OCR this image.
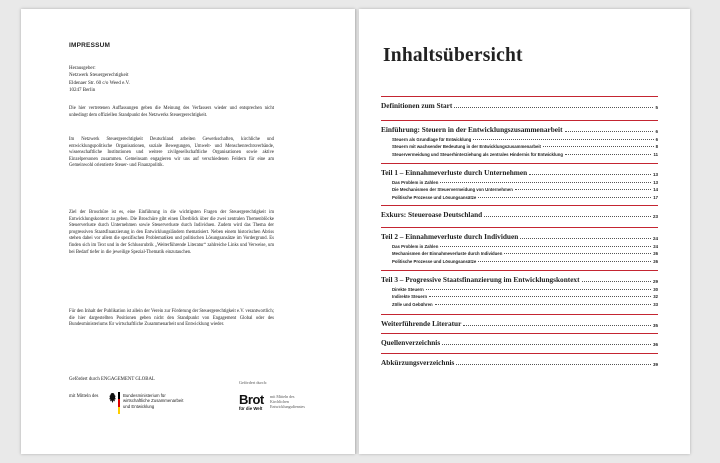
IMPRESSUM
Herausgeber:
Netzwerk Steuergerechtigkeit
Eldenaer Str. 60 c/o Weed e.V.
10247 Berlin
Die hier vertretenen Auffassungen geben die Meinung des Verfassers wieder und entsprechen nicht unbedingt dem offiziellen Standpunkt des Netzwerks Steuergerechtigkeit.
Im Netzwerk Steuergerechtigkeit Deutschland arbeiten Gewerkschaften, kirchliche und entwicklungspolitische Organisationen, soziale Bewegungen, Umwelt- und Menschenrechtsverbände, wissenschaftliche Institutionen und weitere zivilgesellschaftliche Organisationen sowie aktive Einzelpersonen zusammen. Gemeinsam engagieren wir uns auf verschiedenen Feldern für eine am Gemeinwohl orientierte Steuer- und Finanzpolitik.
Ziel der Broschüre ist es, eine Einführung in die wichtigsten Fragen der Steuergerechtigkeit im Entwicklungskontext zu geben. Die Broschüre gibt einen Überblick über die zwei zentralen Themenblöcke Steuerverluste durch Unternehmen sowie Steuerverluste durch Individuen. Zudem wird das Thema der progressiven Staatsfinanzierung in den Entwicklungsländern thematisiert. Neben einem historischen Abriss stehen dabei vor allem die spezifischen Problematiken und politischen Lösungsansätze im Vordergrund. Es finden sich im Text und in der Schlussrubrik „Weiterführende Literatur“ zahlreiche Links und Verweise, um bei Bedarf tiefer in die jeweilige Spezial-Thematik einzutauchen.
Für den Inhalt der Publikation ist allein der Verein zur Förderung der Steuergerechtigkeit e.V. verantwortlich; die hier dargestellten Positionen geben nicht den Standpunkt von Engagement Global oder des Bundesministeriums für wirtschaftliche Zusammenarbeit und Entwicklung wieder.
Gefördert durch ENGAGEMENT GLOBAL
mit Mitteln des	Bundesministerium für
wirtschaftliche Zusammenarbeit
und Entwicklung
Gefördert durch:
Brot
für die Welt
mit Mitteln des
Kirchlichen
Entwicklungsdienstes
Inhaltsübersicht
Definitionen zum Start	5
Einführung: Steuern in der Entwicklungszusammenarbeit	6
Steuern als Grundlage für Entwicklung	6
Steuern mit wachsender Bedeutung in der Entwicklungszusammenarbeit	8
Steuervermeidung und Steuerhinterziehung als zentrales Hindernis für Entwicklung	11
Teil 1 – Einnahmeverluste durch Unternehmen	13
Das Problem in Zahlen	13
Die Mechanismen der Steuervermeidung von Unternehmen	14
Politische Prozesse und Lösungsansätze	17
Exkurs: Steueroase Deutschland	23
Teil 2 – Einnahmeverluste durch Individuen	24
Das Problem in Zahlen	24
Mechanismen der Einnahmeverluste durch Individuen	26
Politische Prozesse und Lösungsansätze	26
Teil 3 – Progressive Staatsfinanzierung im Entwicklungskontext	29
Direkte Steuern	30
Indirekte Steuern	32
Zölle und Gebühren	33
Weiterführende Literatur	35
Quellenverzeichnis	36
Abkürzungsverzeichnis	39
